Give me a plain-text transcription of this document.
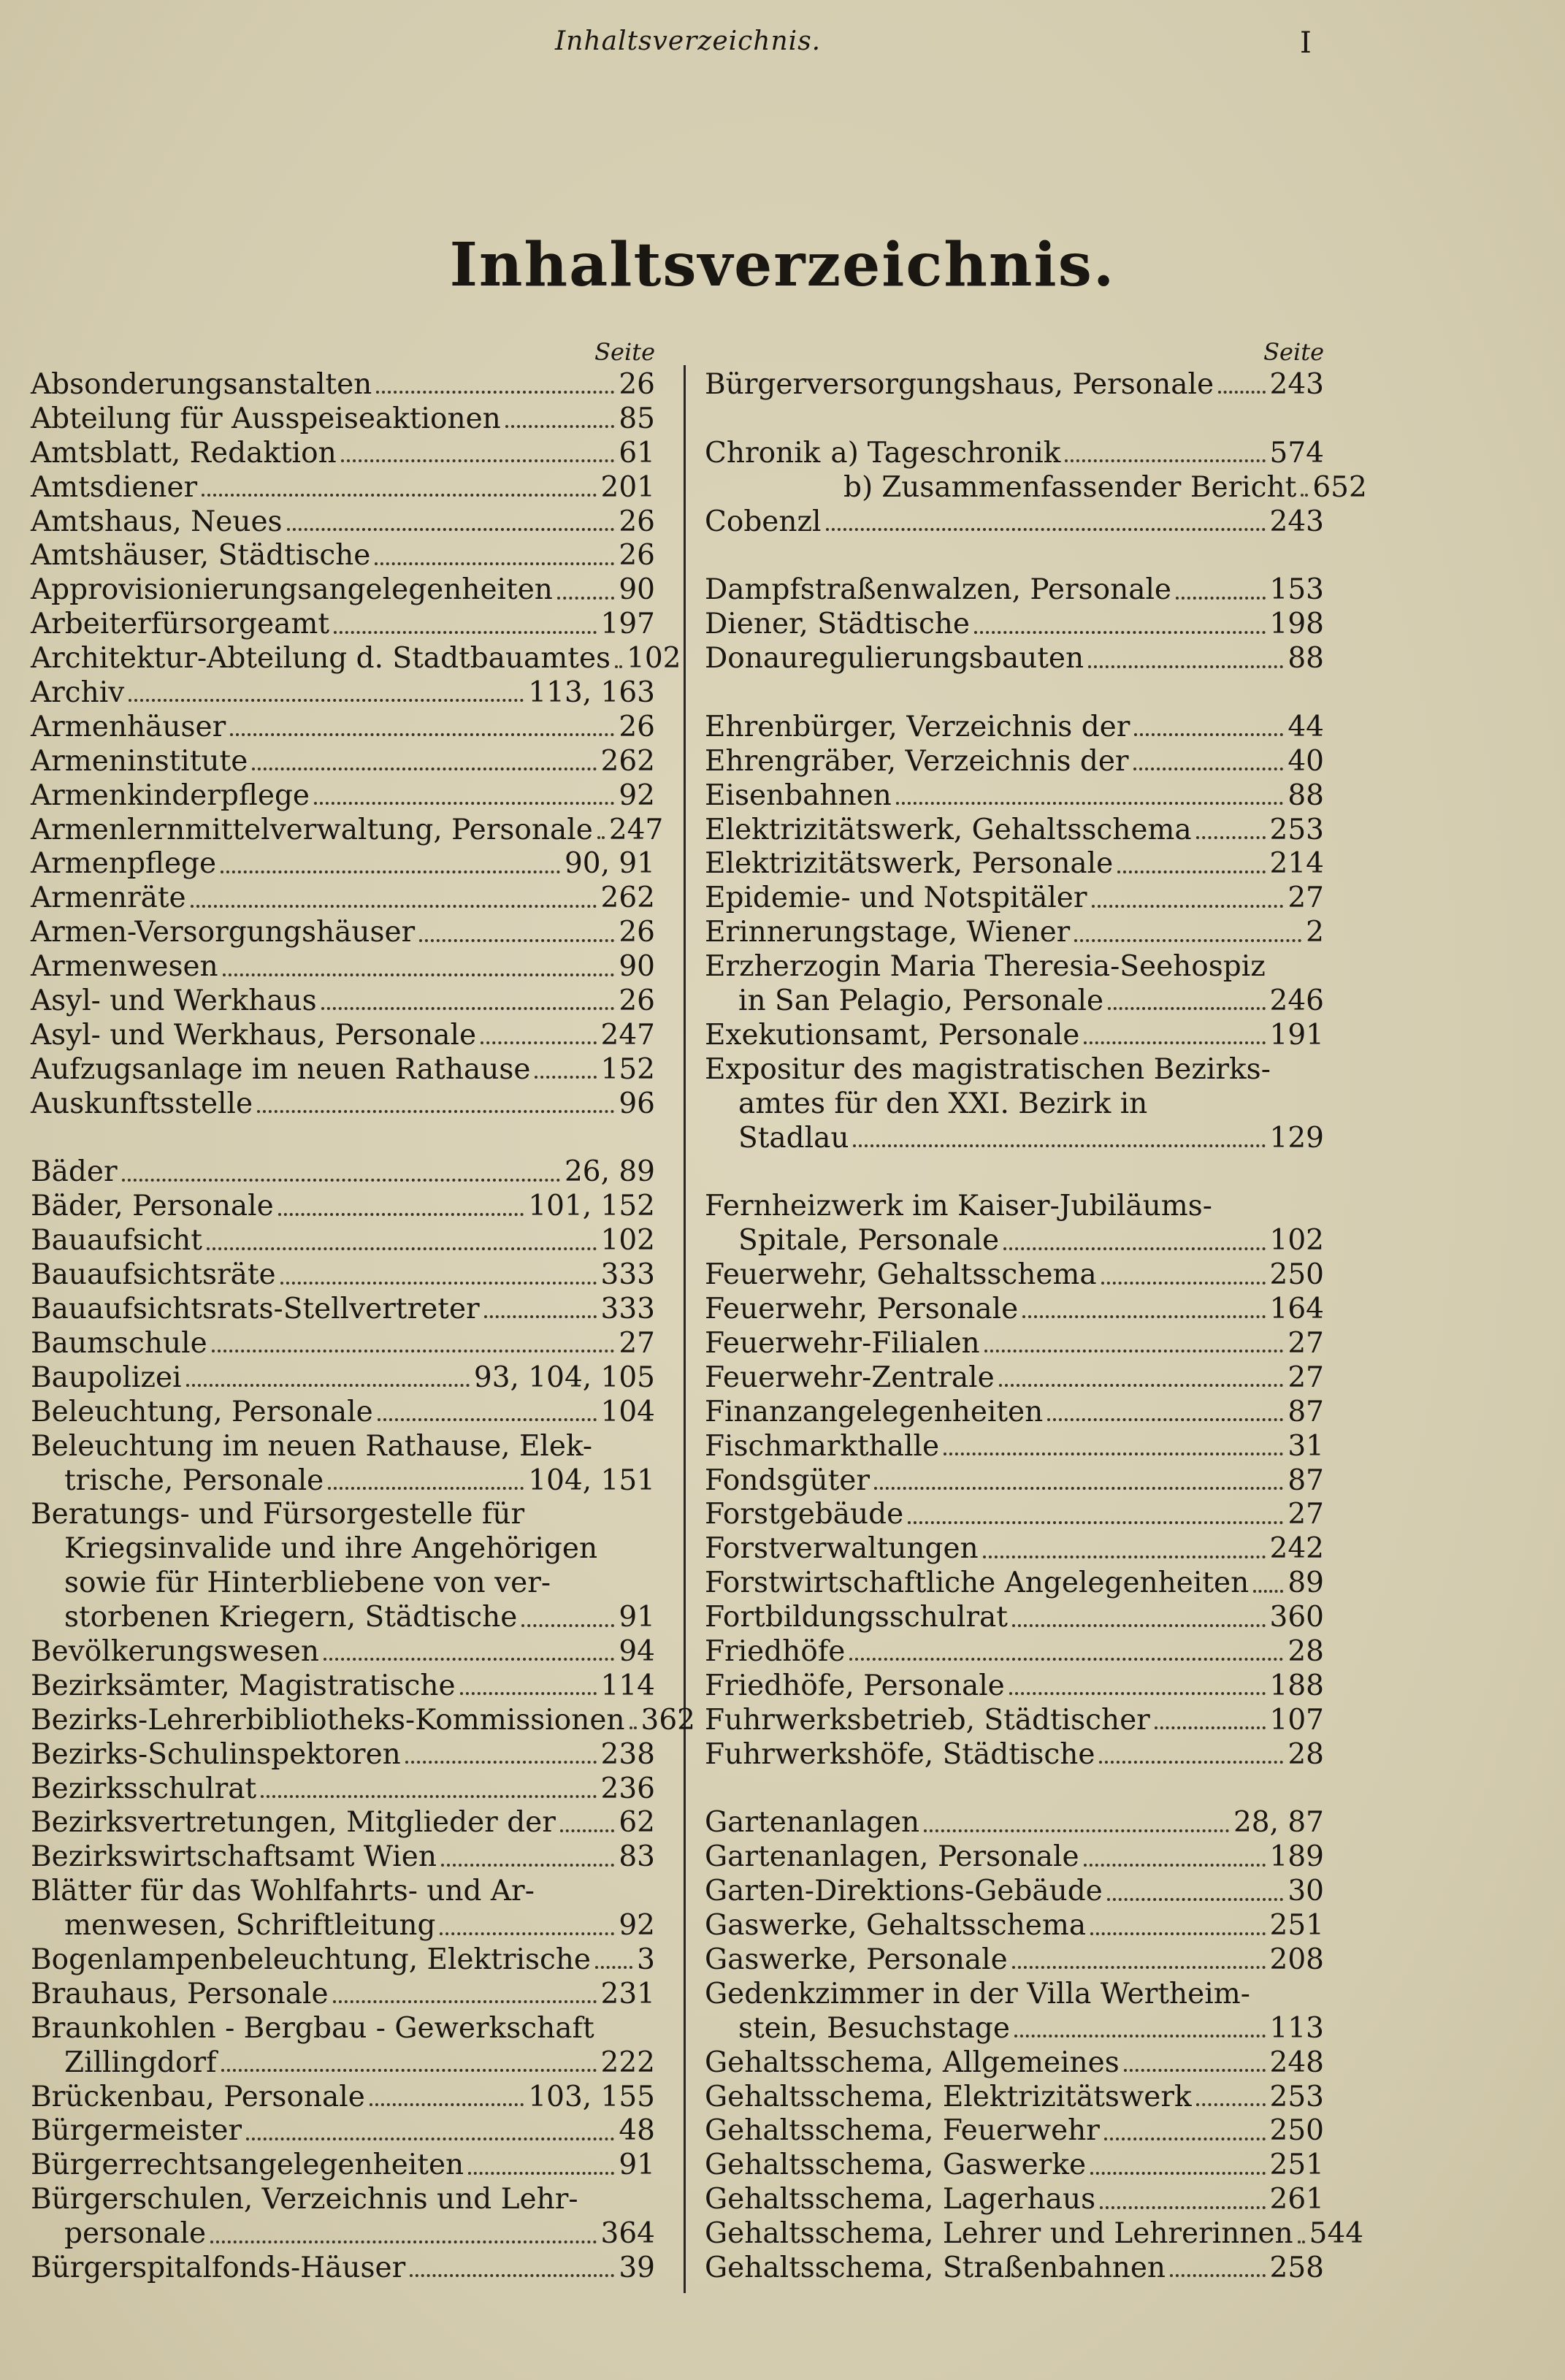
Inhaltsverzeichnis.	I
Inhaltsverzeichnis.
Seite
Absonderungsanstalten	26
Abteilung für Ausspeiseaktionen	85
Amtsblatt, Redaktion	61
Amtsdiener	201
Amtshaus, Neues	26
Amtshäuser, Städtische	26
Approvisionierungsangelegenheiten 90
Arbeiterfürsorgeamt	197
Architektur-Abteilung d. Stadtbauamtes 102
Archiv	113, 163
Armenhäuser	26
Armeninstitute	262
Armenkinderpflege	92
Armenlernmittelverwaltung, Personale 247
Armenpflege	90, 91
Armenräte	262
Armen-Versorgungshäuser	26
Armenwesen	90
Asyl- und Werkhaus	26
Asyl- und Werkhaus, Personale	247
Aufzugsanlage im neuen Rathause 152
Auskunftsstelle	96
Bäder	26, 89
Bäder, Personale	101, 152
Bauaufsicht	102
Bauaufsichtsräte	333
Bauaufsichtsrats-Stellvertreter	333
Baumschule	27
Baupolizei	93, 104, 105
Beleuchtung, Personale	104
Beleuchtung im neuen Rathause, Elek-
trische, Personale	104, 151
Beratungs- und Fürsorgestelle für
Kriegsinvalide und ihre Angehörigen
sowie für Hinterbliebene von ver-
storbenen Kriegern, Städtische	91
Bevölkerungswesen	94
Bezirksämter, Magistratische	114
Bezirks-Lehrerbibliotheks-Kommissionen 362
Bezirks-Schulinspektoren	238
Bezirksschulrat	236
Bezirksvertretungen, Mitglieder der 62
Bezirkswirtschaftsamt Wien	83
Blätter für das Wohlfahrts- und Ar-
menwesen, Schriftleitung	92
Bogenlampenbeleuchtung, Elektrische 3
Brauhaus, Personale	231
Braunkohlen - Bergbau - Gewerkschaft
Zillingdorf	222
Brückenbau, Personale	103, 155
Bürgermeister	48
Bürgerrechtsangelegenheiten	91
Bürgerschulen, Verzeichnis und Lehr-
personale	364
Bürgerspitalfonds-Häuser	39
Seite
Bürgerversorgungshaus, Personale 243
Chronik a) Tageschronik	574
b) Zusammenfassender Bericht 652
Cobenzl	243
Dampfstraßenwalzen, Personale	153
Diener, Städtische	198
Donauregulierungsbauten	88
Ehrenbürger, Verzeichnis der	44
Ehrengräber, Verzeichnis der	40
Eisenbahnen	88
Elektrizitätswerk, Gehaltsschema	253
Elektrizitätswerk, Personale	214
Epidemie- und Notspitäler	27
Erinnerungstage, Wiener	2
Erzherzogin Maria Theresia-Seehospiz
in San Pelagio, Personale	246
Exekutionsamt, Personale	191
Expositur des magistratischen Bezirks-
amtes für den XXI. Bezirk in
Stadlau	129
Fernheizwerk im Kaiser-Jubiläums-
Spitale, Personale	102
Feuerwehr, Gehaltsschema	250
Feuerwehr, Personale	164
Feuerwehr-Filialen	27
Feuerwehr-Zentrale	27
Finanzangelegenheiten	87
Fischmarkthalle	31
Fondsgüter	87
Forstgebäude	27
Forstverwaltungen	242
Forstwirtschaftliche Angelegenheiten 89
Fortbildungsschulrat	360
Friedhöfe	28
Friedhöfe, Personale	188
Fuhrwerksbetrieb, Städtischer	107
Fuhrwerkshöfe, Städtische	28
Gartenanlagen	28, 87
Gartenanlagen, Personale	189
Garten-Direktions-Gebäude	30
Gaswerke, Gehaltsschema	251
Gaswerke, Personale	208
Gedenkzimmer in der Villa Wertheim-
stein, Besuchstage	113
Gehaltsschema, Allgemeines	248
Gehaltsschema, Elektrizitätswerk	253
Gehaltsschema, Feuerwehr	250
Gehaltsschema, Gaswerke	251
Gehaltsschema, Lagerhaus	261
Gehaltsschema, Lehrer und Lehrerinnen 544
Gehaltsschema, Straßenbahnen	258
